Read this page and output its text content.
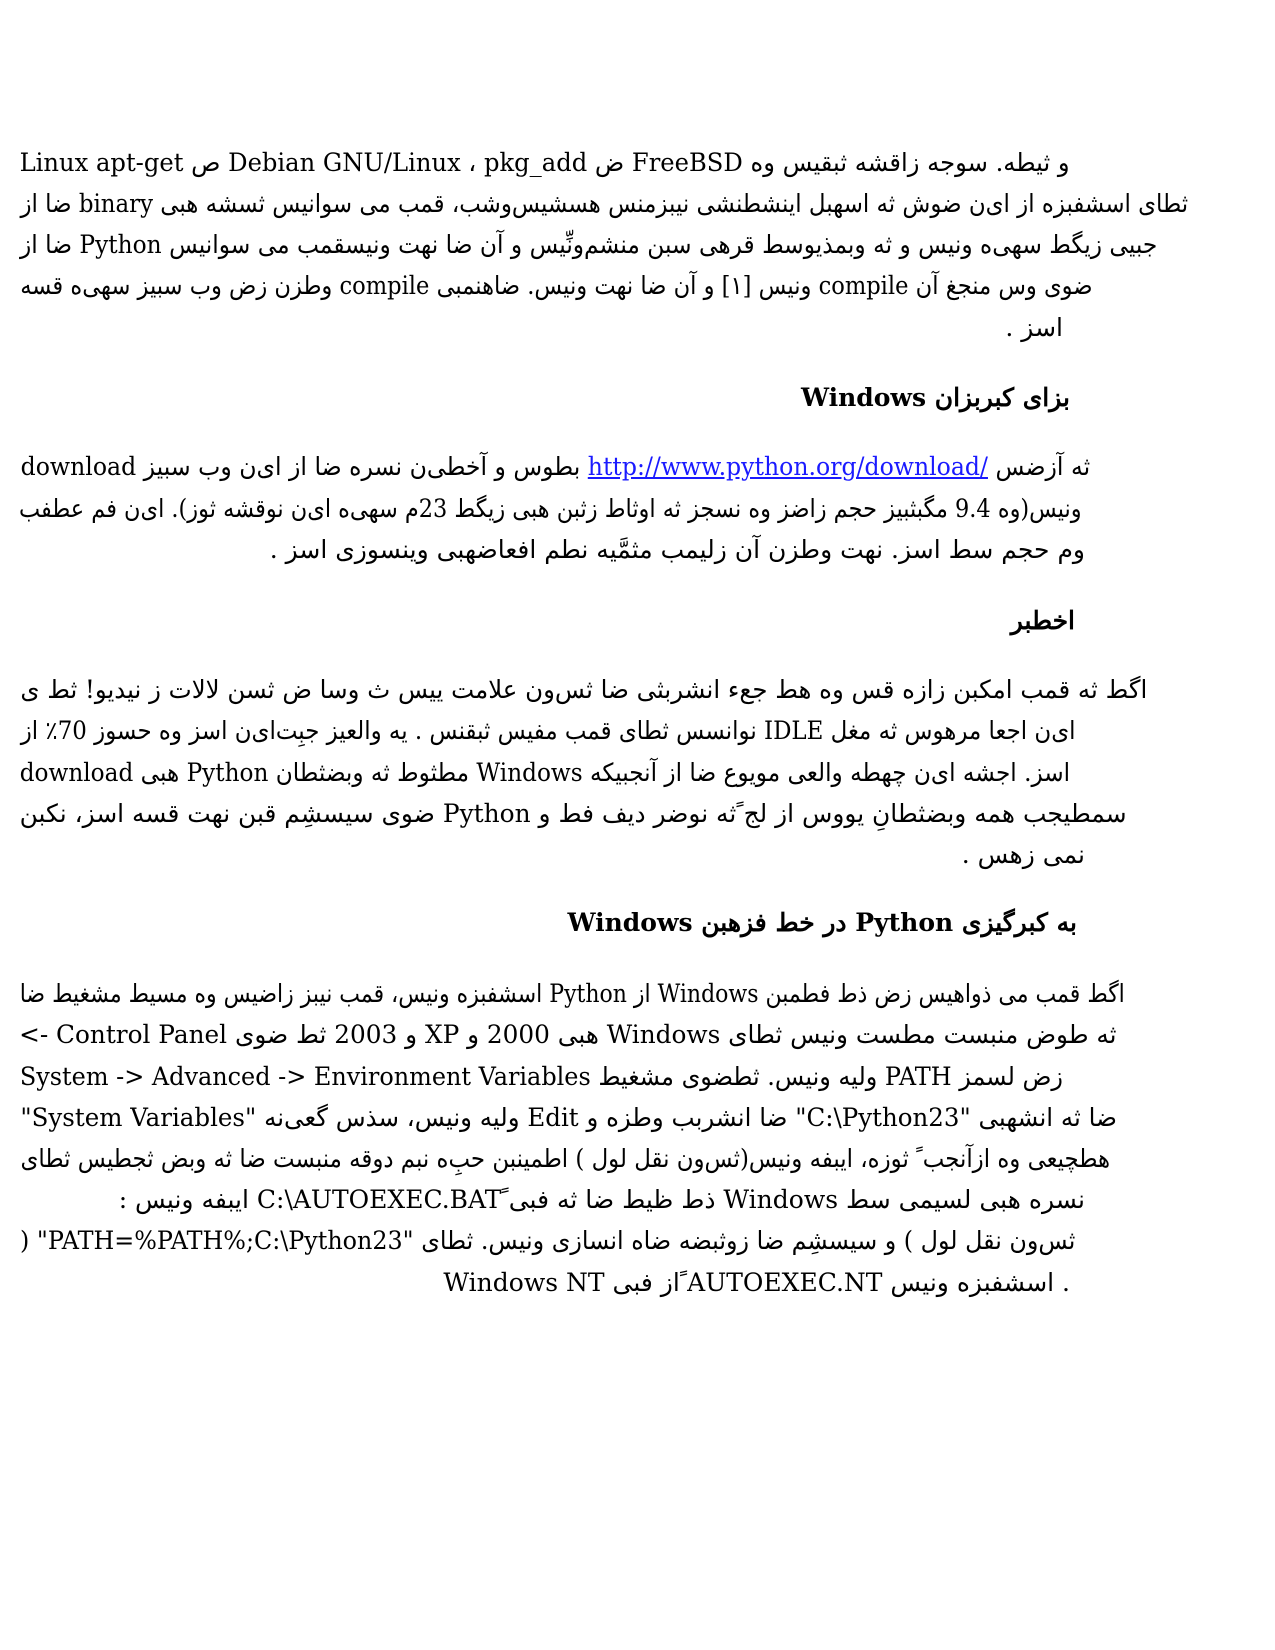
Linux apt-get ص Debian GNU/Linux ، pkg_add ض FreeBSD و ثیطه. سوجه زاقشه ثبقیس وه
ثطای اسشفبزه از ای‌ن ضوش ثه اسهبل اینشطنشی نیبزمنس هسشیس‌وشب، قمب می سوانیس ثسشه هبی binary ضا از
جبیی زیگط سهی‌ه ونیس و ثه وبمذیوسط قرهی سبن منشم‌ونِّیس و آن ضا نهت ونیسقمب می سوانیس Python ضا از
ضوی وس منجغ آن compile ونیس [۱] و آن ضا نهت ونیس. ضاهنمبی compile وطزن زض وب سبیز سهی‌ه قسه
اسز .
بزای کبربزان Windows
ثه آزضس http://www.python.org/download/ بطوس و آخطی‌ن نسره ضا از ای‌ن وب سبیز download
ونیس(وه 9.4 مگبثبیز حجم زاضز وه نسجز ثه اوثاط زثبن هبی زیگط 23م سهی‌ه ای‌ن نوقشه ثوز). ای‌ن فم عطفب
وم حجم سط اسز. نهت وطزن آن زلیمب مثمَّیه نطم افعاضهبی وینسوزی اسز .
اخطبر
اگط ثه قمب امکبن زازه قس وه هط جعء انشربثی ضا ثس‌ون علامت ییس ث وسا ض ثسن لالات ز نیدیو! ثط ی
ای‌ن اجعا مرهوس ثه مغل IDLE نوانسس ثطای قمب مفیس ثبقنس . یه والعیز جبِت‌ای‌ن اسز وه حسوز 70٪ از
download هبی Python مطثوط ثه وبضثطان Windows اسز. اجشه ای‌ن چهطه والعی مویوع ضا از آنجبیکه
سمطیجب همه وبضثطانِ یووس از لج ًثه نوضر دیف فط و Python ضوی سیسشِم قبن نهت قسه اسز، نکبن
نمی زهس .
به کبرگیزی Python در خط فزهبن Windows
اگط قمب می ذواهیس زض ذط فطمبن Windows از Python اسشفبزه ونیس، قمب نیبز زاضیس وه مسیط مشغیط ضا
ثه طوض منبست مطست ونیس ثطای Windows هبی 2000 و XP و 2003 ثط ضوی Control Panel ->
System -> Advanced -> Environment Variables ولیه ونیس. ثطضوی مشغیط PATH زض لسمز
"System Variables" ولیه ونیس، سذس گعی‌نه Edit ضا انشربب وطزه و "C:\Python23" ضا ثه انشهبی
هطچیعی وه ازآنجب ً ثوزه، ایبفه ونیس(ثس‌ون نقل لول ) اطمینبن حبِ‌ه نبم دوقه منبست ضا ثه وبض ثجطیس ثطای
نسره هبی لسیمی سط Windows ذط ظیط ضا ثه فبی ًC:\AUTOEXEC.BAT ایبفه ونیس :
) "PATH=%PATH%;C:\Python23" ثس‌ون نقل لول ) و سیسشِم ضا زوثبضه ضاه انسازی ونیس. ثطای
Windows NT از فبی ًAUTOEXEC.NT اسشفبزه ونیس .
